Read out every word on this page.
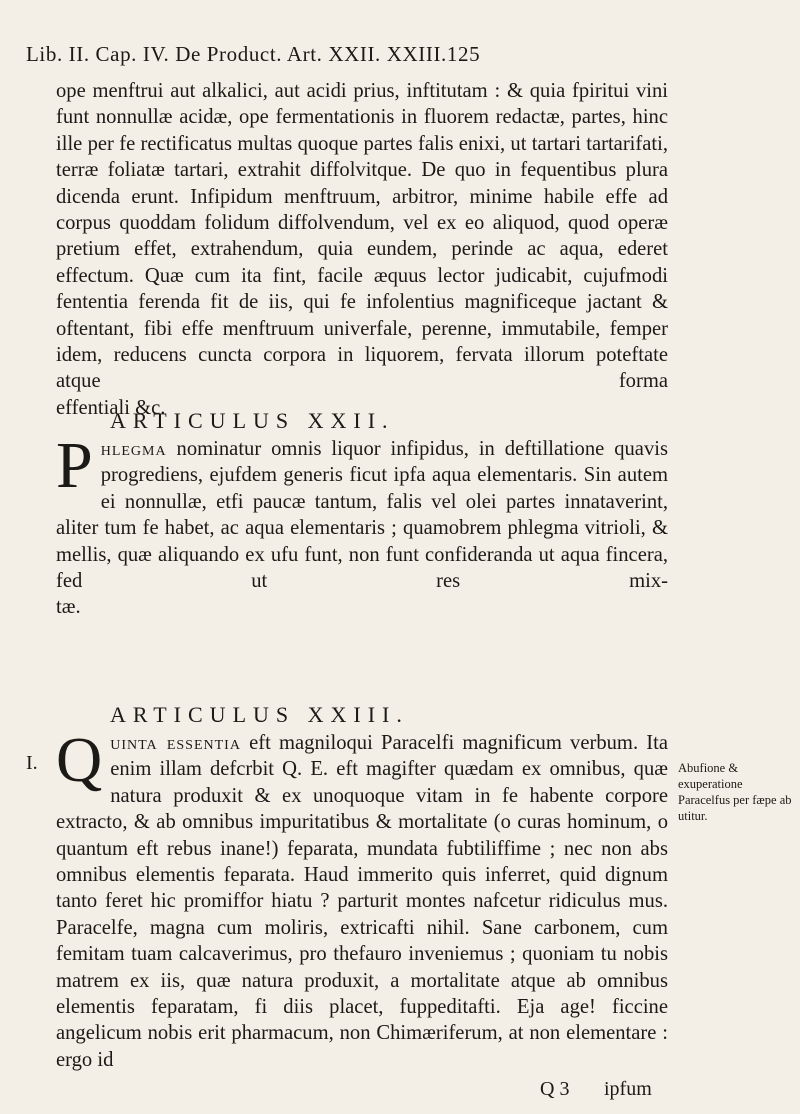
Lib. II. Cap. IV. De Product. Art. XXII. XXIII.125

ope menftrui aut alkalici, aut acidi prius, inftitutam : & quia fpiritui vini funt nonnullæ acidæ, ope fermentationis in fluorem redactæ, partes, hinc ille per fe rectificatus multas quoque partes falis enixi, ut tartari tartarifati, terræ foliatæ tartari, extrahit diffolvitque. De quo in fequentibus plura dicenda erunt. Infipidum menftruum, arbitror, minime habile effe ad corpus quoddam folidum diffolvendum, vel ex eo aliquod, quod operæ pretium effet, extrahendum, quia eundem, perinde ac aqua, ederet effectum. Quæ cum ita fint, facile æquus lector judicabit, cujufmodi fententia ferenda fit de iis, qui fe infolentius magnificeque jactant & oftentant, fibi effe menftruum univerfale, perenne, immutabile, femper idem, reducens cuncta corpora in liquorem, fervata illorum poteftate atque forma

effentiali &c.

ARTICULUS XXII.

P hlegma nominatur omnis liquor infipidus, in deftillatione quavis progrediens, ejufdem generis ficut ipfa aqua elementaris. Sin autem ei nonnullæ, etfi paucæ tantum, falis vel olei partes innataverint, aliter tum fe habet, ac aqua elementaris ; quamobrem phlegma vitrioli, & mellis, quæ aliquando ex ufu funt, non funt confideranda ut aqua fincera, fed ut res mix-

tæ.

ARTICULUS XXIII.
I. Q uinta essentia eft magniloqui Paracelfi magnificum verbum. Ita enim illam defcrbit Q. E. eft magifter quædam ex omnibus, quæ natura produxit & ex unoquoque vitam in fe habente corpore extracto, & ab omnibus impuritatibus & mortalitate (o curas hominum, o quantum eft rebus inane!) feparata, mundata fubtiliffime ; nec non abs omnibus elementis feparata. Haud immerito quis inferret, quid dignum tanto feret hic promiffor hiatu ? parturit montes nafcetur ridiculus mus. Paracelfe, magna cum moliris, extricafti nihil. Sane carbonem, cum femitam tuam calcaverimus, pro thefauro inveniemus ; quoniam tu nobis matrem ex iis, quæ natura produxit, a mortalitate atque ab omnibus elementis feparatam, fi diis placet, fuppeditafti. Eja age! ficcine angelicum nobis erit pharmacum, non Chimæriferum, at non elementare : ergo id

Abufione & exuperatione Paracelfus per fæpe ab utitur.
Q 3 ipfum
